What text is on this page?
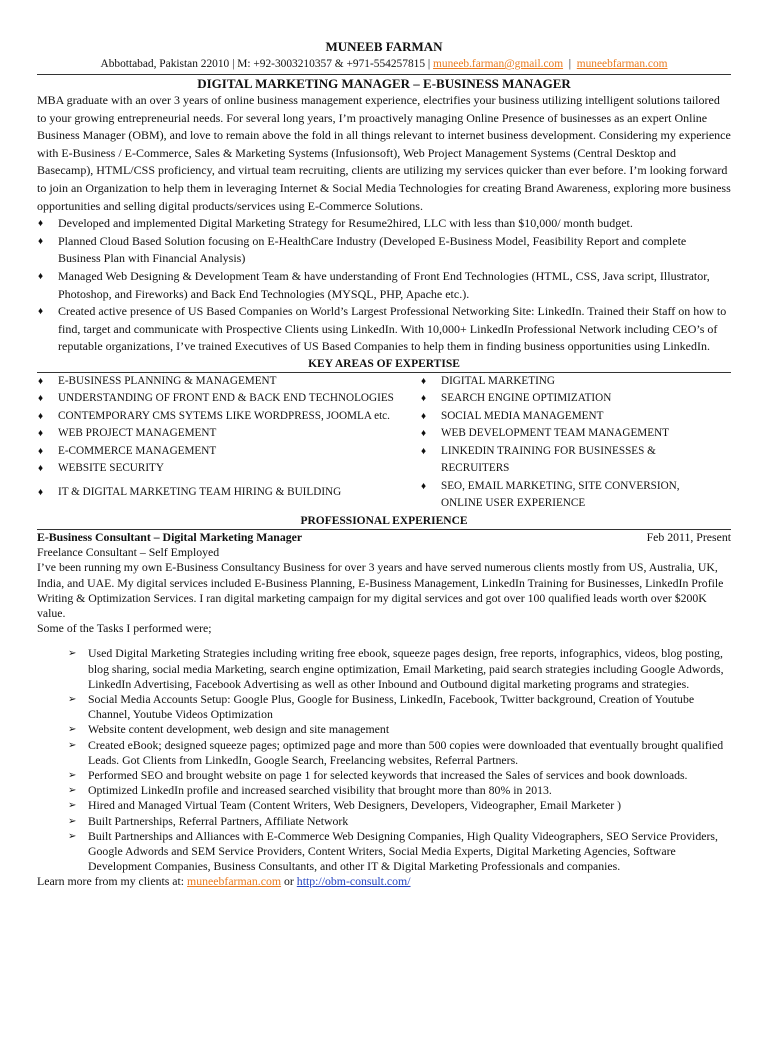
MUNEEB FARMAN
Abbottabad, Pakistan 22010 | M: +92-3003210357 & +971-554257815 | muneeb.farman@gmail.com | muneebfarman.com
DIGITAL MARKETING MANAGER – E-BUSINESS MANAGER
MBA graduate with an over 3 years of online business management experience, electrifies your business utilizing intelligent solutions tailored to your growing entrepreneurial needs. For several long years, I’m proactively managing Online Presence of businesses as an expert Online Business Manager (OBM), and love to remain above the fold in all things relevant to internet business development. Considering my experience with E-Business / E-Commerce, Sales & Marketing Systems (Infusionsoft), Web Project Management Systems (Central Desktop and Basecamp), HTML/CSS proficiency, and virtual team recruiting, clients are utilizing my services quicker than ever before. I’m looking forward to join an Organization to help them in leveraging Internet & Social Media Technologies for creating Brand Awareness, exploring more business opportunities and selling digital products/services using E-Commerce Solutions.
♦ Developed and implemented Digital Marketing Strategy for Resume2hired, LLC with less than $10,000/ month budget.
♦ Planned Cloud Based Solution focusing on E-HealthCare Industry (Developed E-Business Model, Feasibility Report and complete Business Plan with Financial Analysis)
♦ Managed Web Designing & Development Team & have understanding of Front End Technologies (HTML, CSS, Java script, Illustrator, Photoshop, and Fireworks) and Back End Technologies (MYSQL, PHP, Apache etc.).
♦ Created active presence of US Based Companies on World’s Largest Professional Networking Site: LinkedIn. Trained their Staff on how to find, target and communicate with Prospective Clients using LinkedIn. With 10,000+ LinkedIn Professional Network including CEO’s of reputable organizations, I’ve trained Executives of US Based Companies to help them in finding business opportunities using LinkedIn.
KEY AREAS OF EXPERTISE
♦ E-BUSINESS PLANNING & MANAGEMENT
♦ UNDERSTANDING OF FRONT END & BACK END TECHNOLOGIES
♦ CONTEMPORARY CMS SYTEMS LIKE WORDPRESS, JOOMLA etc.
♦ WEB PROJECT MANAGEMENT
♦ E-COMMERCE MANAGEMENT
♦ WEBSITE SECURITY
♦ IT & DIGITAL MARKETING TEAM HIRING & BUILDING
♦ DIGITAL MARKETING
♦ SEARCH ENGINE OPTIMIZATION
♦ SOCIAL MEDIA MANAGEMENT
♦ WEB DEVELOPMENT TEAM MANAGEMENT
♦ LINKEDIN TRAINING FOR BUSINESSES & RECRUITERS
♦ SEO, EMAIL MARKETING, SITE CONVERSION, ONLINE USER EXPERIENCE
PROFESSIONAL EXPERIENCE
E-Business Consultant – Digital Marketing Manager	Feb 2011, Present
Freelance Consultant – Self Employed
I’ve been running my own E-Business Consultancy Business for over 3 years and have served numerous clients mostly from US, Australia, UK, India, and UAE. My digital services included E-Business Planning, E-Business Management, LinkedIn Training for Businesses, LinkedIn Profile Writing & Optimization Services. I ran digital marketing campaign for my digital services and got over 100 qualified leads worth over $200K value.
Some of the Tasks I performed were;
➢ Used Digital Marketing Strategies including writing free ebook, squeeze pages design, free reports, infographics, videos, blog posting, blog sharing, social media Marketing, search engine optimization, Email Marketing, paid search strategies including Google Adwords, LinkedIn Advertising, Facebook Advertising as well as other Inbound and Outbound digital marketing programs and strategies.
➢ Social Media Accounts Setup: Google Plus, Google for Business, LinkedIn, Facebook, Twitter background, Creation of Youtube Channel, Youtube Videos Optimization
➢ Website content development, web design and site management
➢ Created eBook; designed squeeze pages; optimized page and more than 500 copies were downloaded that eventually brought qualified Leads. Got Clients from LinkedIn, Google Search, Freelancing websites, Referral Partners.
➢ Performed SEO and brought website on page 1 for selected keywords that increased the Sales of services and book downloads.
➢ Optimized LinkedIn profile and increased searched visibility that brought more than 80% in 2013.
➢ Hired and Managed Virtual Team (Content Writers, Web Designers, Developers, Videographer, Email Marketer )
➢ Built Partnerships, Referral Partners, Affiliate Network
➢ Built Partnerships and Alliances with E-Commerce Web Designing Companies, High Quality Videographers, SEO Service Providers, Google Adwords and SEM Service Providers, Content Writers, Social Media Experts, Digital Marketing Agencies, Software Development Companies, Business Consultants, and other IT & Digital Marketing Professionals and companies.
Learn more from my clients at: muneebfarman.com or http://obm-consult.com/
